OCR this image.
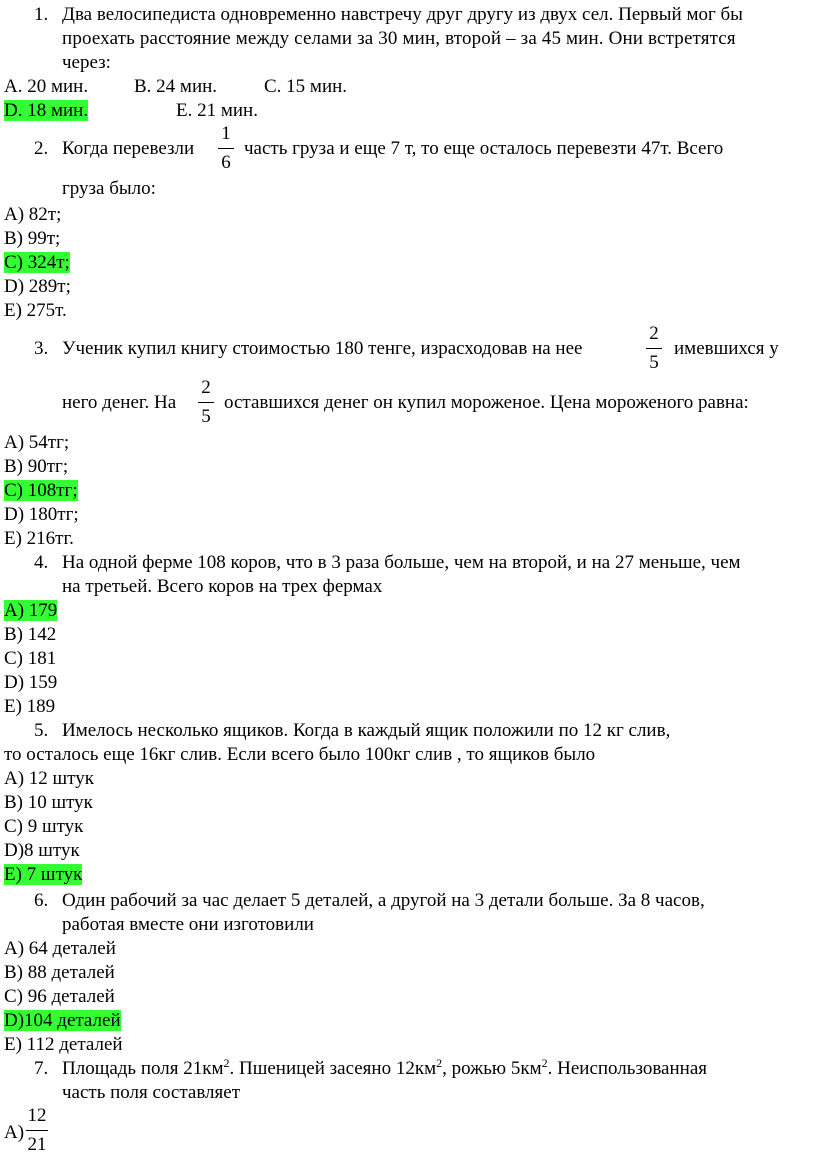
1. Два велосипедиста одновременно навстречу друг другу из двух сел. Первый мог бы
проехать расстояние между селами за 30 мин, второй – за 45 мин. Они встретятся
через:
A. 20 мин. B. 24 мин. C. 15 мин.
D. 18 мин.	E. 21 мин.
2. Когда перевезли
1
6
часть груза и еще 7 т, то еще осталось перевезти 47т. Всего
груза было:
A) 82т;
B) 99т;
C) 324т;
D) 289т;
E) 275т.
3. Ученик купил книгу стоимостью 180 тенге, израсходовав на нее
2
5
имевшихся у
него денег. На
2
5
оставшихся денег он купил мороженое. Цена мороженого равна:
A) 54тг;
B) 90тг;
C) 108тг;
D) 180тг;
E) 216тг.
4. На одной ферме 108 коров, что в 3 раза больше, чем на второй, и на 27 меньше, чем
на третьей. Всего коров на трех фермах
A) 179
B) 142
C) 181
D) 159
E) 189
5. Имелось несколько ящиков. Когда в каждый ящик положили по 12 кг слив,
то осталось еще 16кг слив. Если всего было 100кг слив , то ящиков было
A) 12 штук
B) 10 штук
C) 9 штук
D)8 штук
E) 7 штук
6. Один рабочий за час делает 5 деталей, а другой на 3 детали больше. За 8 часов,
работая вместе они изготовили
A) 64 деталей
B) 88 деталей
C) 96 деталей
D)104 деталей
E) 112 деталей
7. Площадь поля $21км^2$. Пшеницей засеяно $12км^2$, рожью $5км^2$. Неиспользованная
часть поля составляет
A)
12
21
